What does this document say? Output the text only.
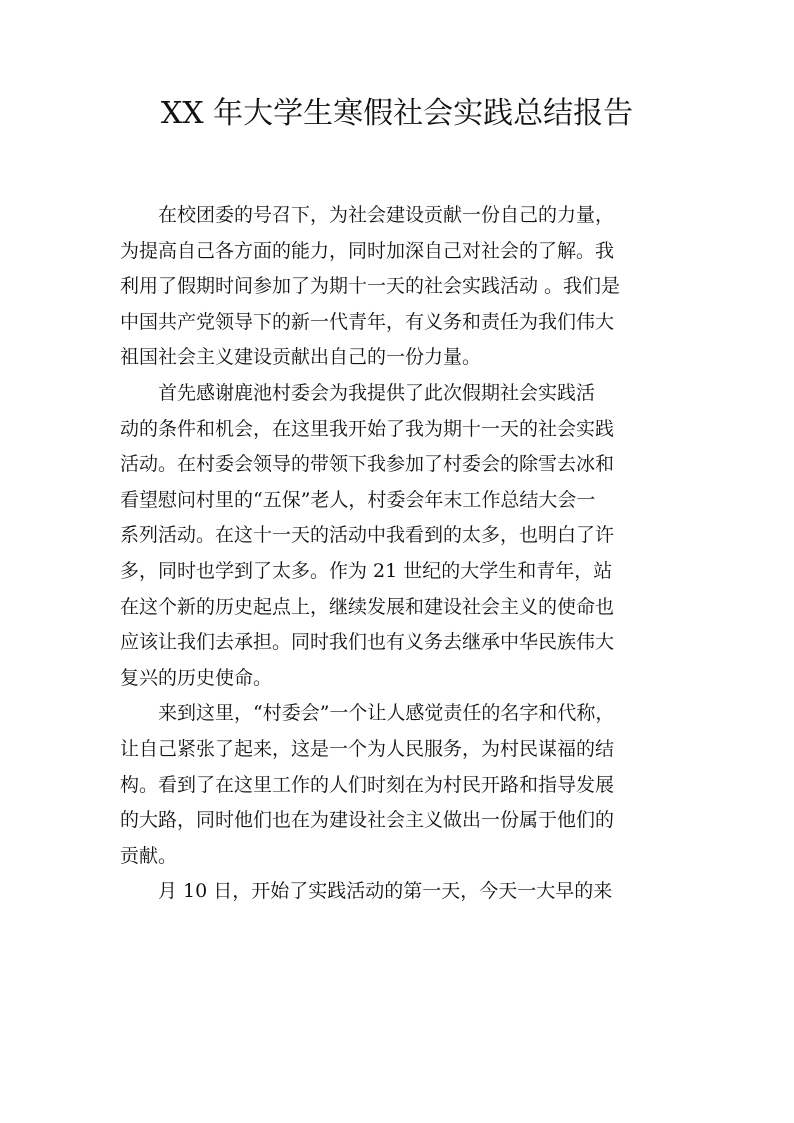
XX 年大学生寒假社会实践总结报告

在校团委的号召下，为社会建设贡献一份自己的力量，
为提高自己各方面的能力，同时加深自己对社会的了解。我
利用了假期时间参加了为期十一天的社会实践活动 。我们是
中国共产党领导下的新一代青年，有义务和责任为我们伟大
祖国社会主义建设贡献出自己的一份力量。

首先感谢鹿池村委会为我提供了此次假期社会实践活
动的条件和机会，在这里我开始了我为期十一天的社会实践
活动。在村委会领导的带领下我参加了村委会的除雪去冰和
看望慰问村里的“五保”老人，村委会年末工作总结大会一
系列活动。在这十一天的活动中我看到的太多，也明白了许
多，同时也学到了太多。作为 21 世纪的大学生和青年，站
在这个新的历史起点上，继续发展和建设社会主义的使命也
应该让我们去承担。同时我们也有义务去继承中华民族伟大
复兴的历史使命。

来到这里，“村委会”一个让人感觉责任的名字和代称，
让自己紧张了起来，这是一个为人民服务，为村民谋福的结
构。看到了在这里工作的人们时刻在为村民开路和指导发展
的大路，同时他们也在为建设社会主义做出一份属于他们的
贡献。

月 10 日，开始了实践活动的第一天，今天一大早的来
